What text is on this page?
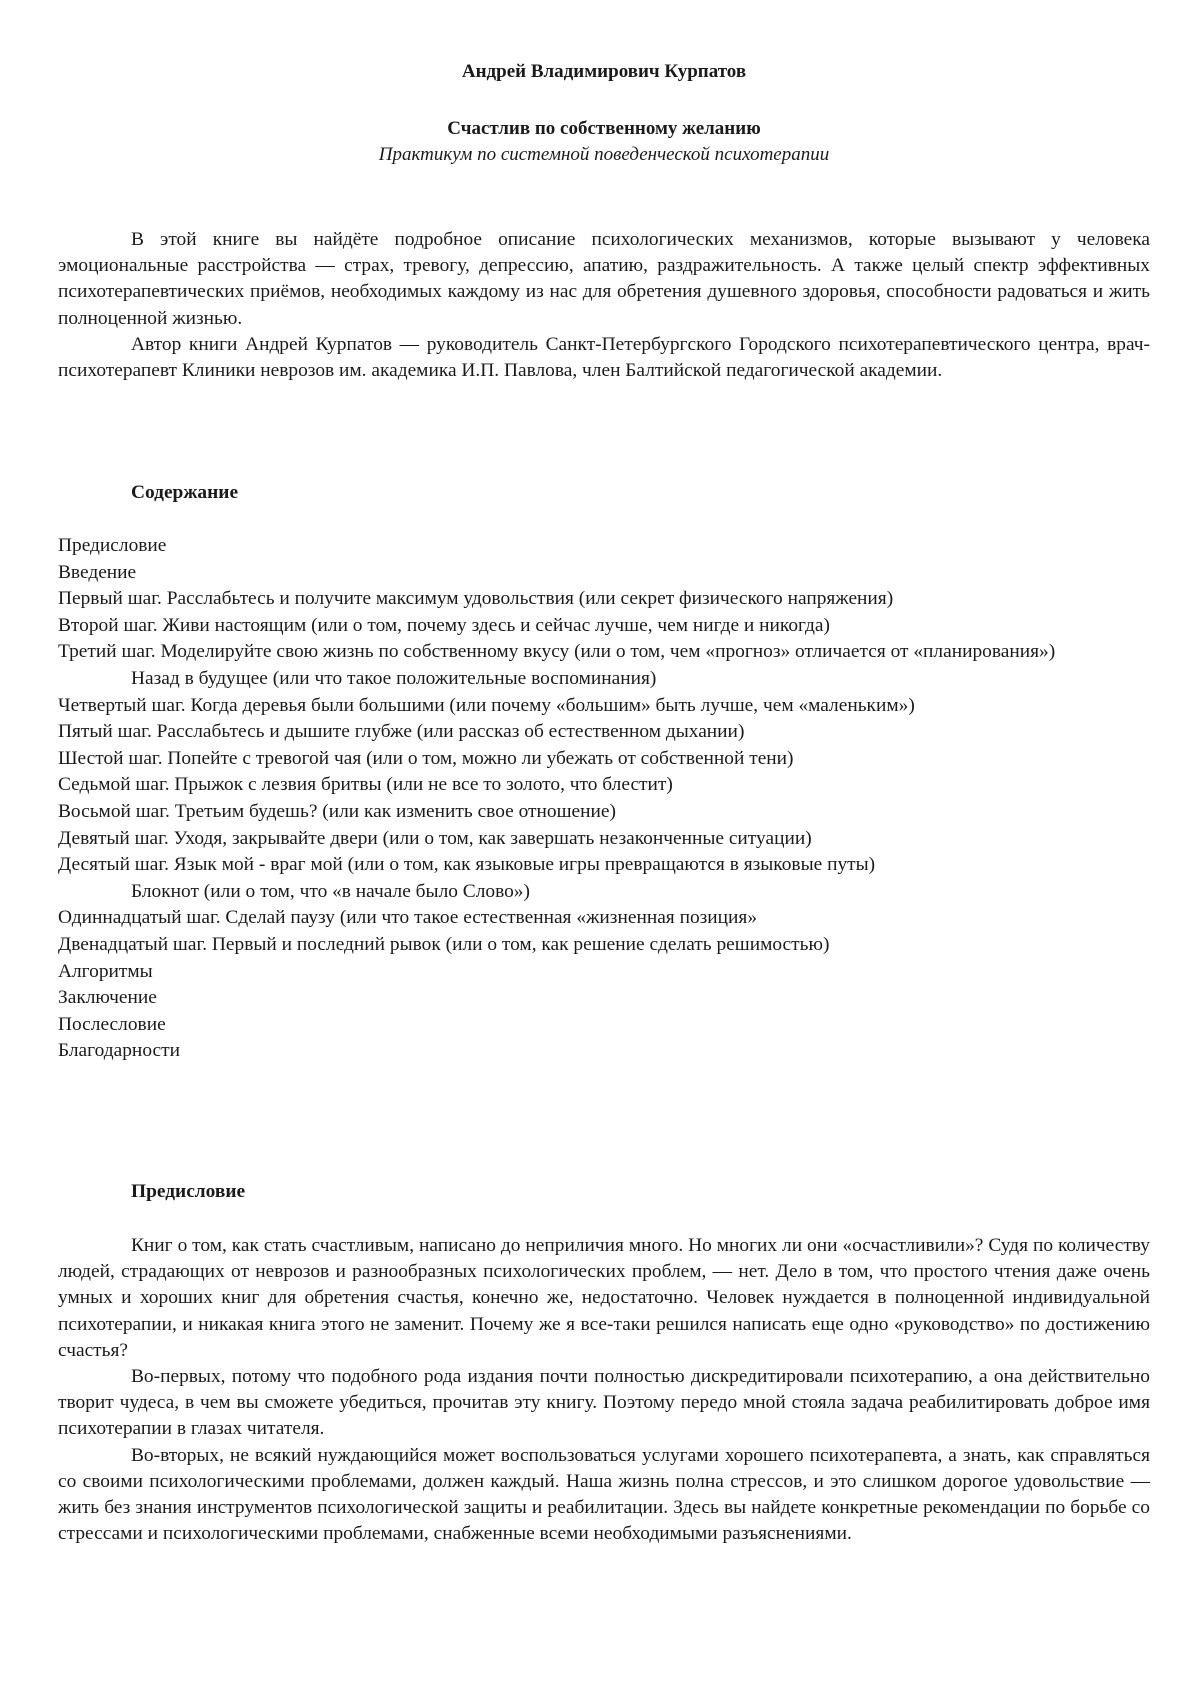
Андрей Владимирович Курпатов
Счастлив по собственному желанию
Практикум по системной поведенческой психотерапии

В этой книге вы найдёте подробное описание психологических механизмов, которые вызывают у человека эмоциональные расстройства — страх, тревогу, депрессию, апатию, раздражительность. А также целый спектр эффективных психотерапевтических приёмов, необходимых каждому из нас для обретения душевного здоровья, способности радоваться и жить полноценной жизнью.

Автор книги Андрей Курпатов — руководитель Санкт-Петербургского Городского психотерапевтического центра, врач-психотерапевт Клиники неврозов им. академика И.П. Павлова, член Балтийской педагогической академии.

Содержание
Предисловие
Введение
Первый шаг. Расслабьтесь и получите максимум удовольствия (или секрет физического напряжения)
Второй шаг. Живи настоящим (или о том, почему здесь и сейчас лучше, чем нигде и никогда)
Третий шаг. Моделируйте свою жизнь по собственному вкусу (или о том, чем «прогноз» отличается от «планирования»)
Назад в будущее (или что такое положительные воспоминания)
Четвертый шаг. Когда деревья были большими (или почему «большим» быть лучше, чем «маленьким»)
Пятый шаг. Расслабьтесь и дышите глубже (или рассказ об естественном дыхании)
Шестой шаг. Попейте с тревогой чая (или о том, можно ли убежать от собственной тени)
Седьмой шаг. Прыжок с лезвия бритвы (или не все то золото, что блестит)
Восьмой шаг. Третьим будешь? (или как изменить свое отношение)
Девятый шаг. Уходя, закрывайте двери (или о том, как завершать незаконченные ситуации)
Десятый шаг. Язык мой - враг мой (или о том, как языковые игры превращаются в языковые путы)
Блокнот (или о том, что «в начале было Слово»)
Одиннадцатый шаг. Сделай паузу (или что такое естественная «жизненная позиция»
Двенадцатый шаг. Первый и последний рывок (или о том, как решение сделать решимостью)
Алгоритмы
Заключение
Послесловие
Благодарности
Предисловие

Книг о том, как стать счастливым, написано до неприличия много. Но многих ли они «осчастливили»? Судя по количеству людей, страдающих от неврозов и разнообразных психологических проблем, — нет. Дело в том, что простого чтения даже очень умных и хороших книг для обретения счастья, конечно же, недостаточно. Человек нуждается в полноценной индивидуальной психотерапии, и никакая книга этого не заменит. Почему же я все-таки решился написать еще одно «руководство» по достижению счастья?

Во-первых, потому что подобного рода издания почти полностью дискредитировали психотерапию, а она действительно творит чудеса, в чем вы сможете убедиться, прочитав эту книгу. Поэтому передо мной стояла задача реабилитировать доброе имя психотерапии в глазах читателя.

Во-вторых, не всякий нуждающийся может воспользоваться услугами хорошего психотерапевта, а знать, как справляться со своими психологическими проблемами, должен каждый. Наша жизнь полна стрессов, и это слишком дорогое удовольствие — жить без знания инструментов психологической защиты и реабилитации. Здесь вы найдете конкретные рекомендации по борьбе со стрессами и психологическими проблемами, снабженные всеми необходимыми разъяснениями.
